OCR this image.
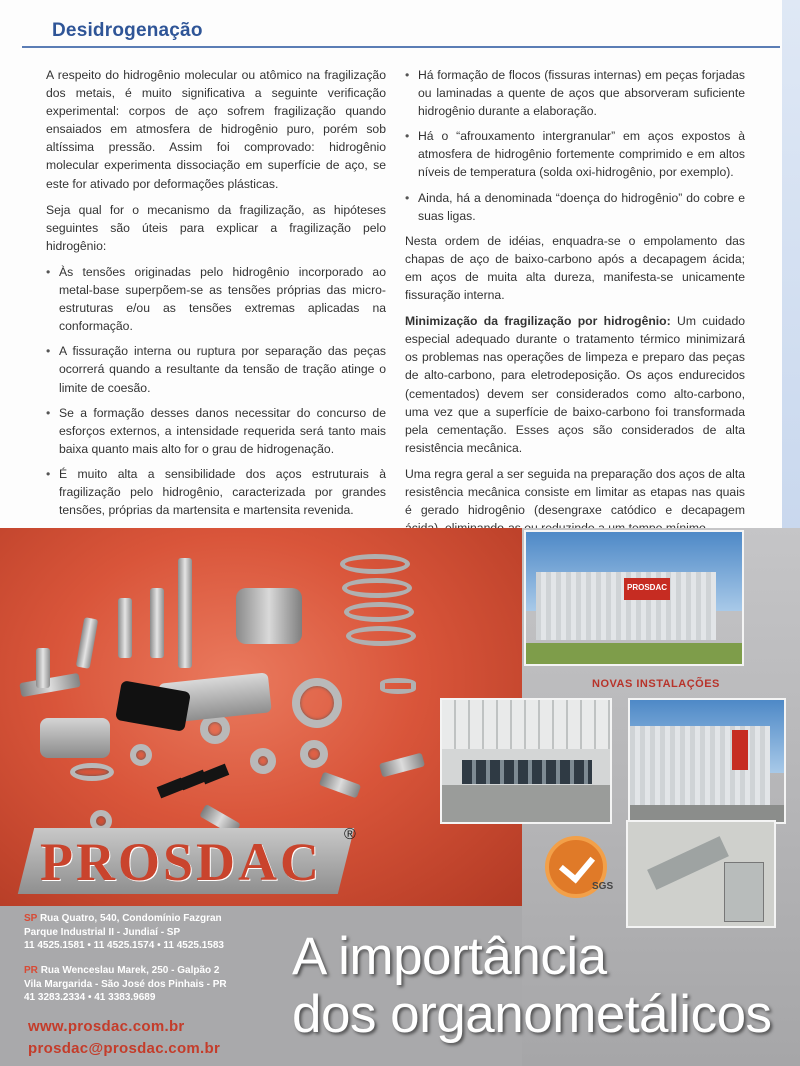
Desidrogenação

A respeito do hidrogênio molecular ou atômico na fragilização dos metais, é muito significativa a seguinte verificação experimental: corpos de aço sofrem fragilização quando ensaiados em atmosfera de hidrogênio puro, porém sob altíssima pressão. Assim foi comprovado: hidrogênio molecular experimenta dissociação em superfície de aço, se este for ativado por deformações plásticas.

Seja qual for o mecanismo da fragilização, as hipóteses seguintes são úteis para explicar a fragilização pelo hidrogênio:

• Às tensões originadas pelo hidrogênio incorporado ao metal-base superpõem-se as tensões próprias das micro-estruturas e/ou as tensões extremas aplicadas na conformação.
• A fissuração interna ou ruptura por separação das peças ocorrerá quando a resultante da tensão de tração atinge o limite de coesão.
• Se a formação desses danos necessitar do concurso de esforços externos, a intensidade requerida será tanto mais baixa quanto mais alto for o grau de hidrogenação.
• É muito alta a sensibilidade dos aços estruturais à fragilização pelo hidrogênio, caracterizada por grandes tensões, próprias da martensita e martensita revenida.
•
• Há formação de flocos (fissuras internas) em peças forjadas ou laminadas a quente de aços que absorveram suficiente hidrogênio durante a elaboração.
• Há o “afrouxamento intergranular” em aços expostos à atmosfera de hidrogênio fortemente comprimido e em altos níveis de temperatura (solda oxi-hidrogênio, por exemplo).
• Ainda, há a denominada “doença do hidrogênio” do cobre e suas ligas.

Nesta ordem de idéias, enquadra-se o empolamento das chapas de aço de baixo-carbono após a decapagem ácida; em aços de muita alta dureza, manifesta-se unicamente fissuração interna.

Minimização da fragilização por hidrogênio: Um cuidado especial adequado durante o tratamento térmico minimizará os problemas nas operações de limpeza e preparo das peças de alto-carbono, para eletrodeposição. Os aços endurecidos (cementados) devem ser considerados como alto-carbono, uma vez que a superfície de baixo-carbono foi transformada pela cementação. Esses aços são considerados de alta resistência mecânica.

Uma regra geral a ser seguida na preparação dos aços de alta resistência mecânica consiste em limitar as etapas nas quais é gerado hidrogênio (desengraxe catódico e decapagem

PROSDAC ®
PROSDAC
NOVAS INSTALAÇÕES
SGS
SP Rua Quatro, 540, Condomínio Fazgran
Parque Industrial II - Jundiaí - SP
11 4525.1581 • 11 4525.1574 • 11 4525.1583
PR Rua Wenceslau Marek, 250 - Galpão 2
Vila Margarida - São José dos Pinhais - PR
41 3283.2334 • 41 3383.9689
www.prosdac.com.br
prosdac@prosdac.com.br
A importância
dos organometálicos
